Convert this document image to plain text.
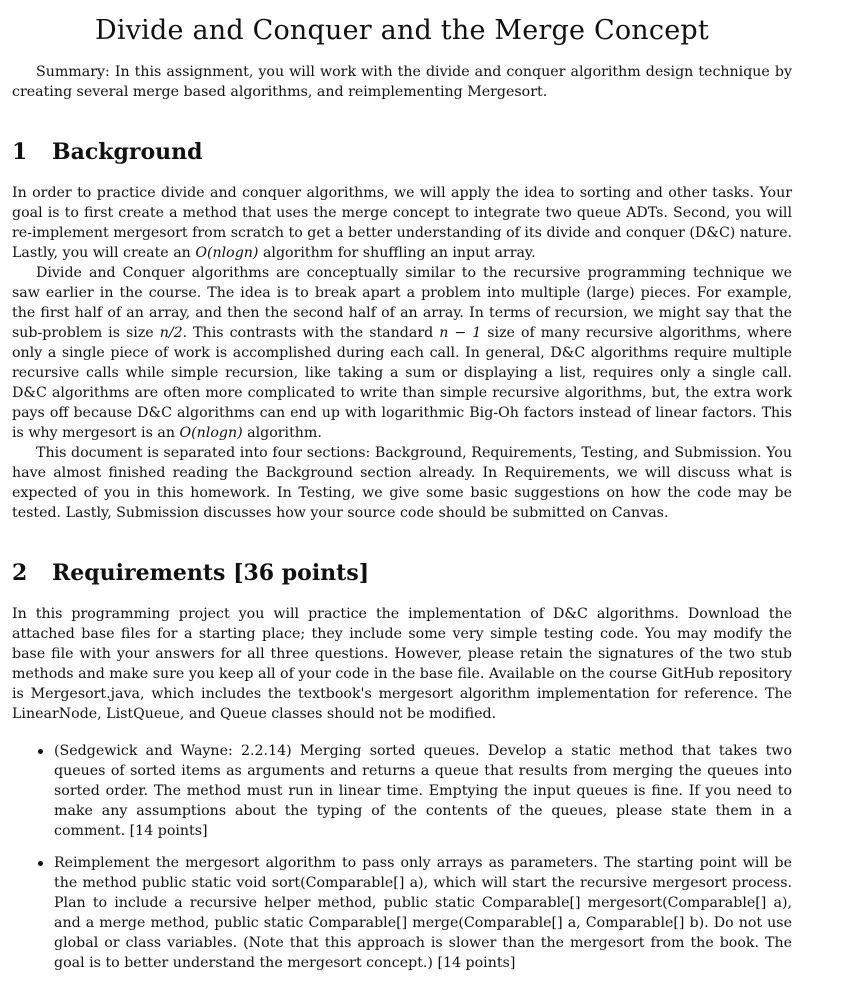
Divide and Conquer and the Merge Concept

Summary: In this assignment, you will work with the divide and conquer algorithm design technique by creating several merge based algorithms, and reimplementing Mergesort.

1 Background

In order to practice divide and conquer algorithms, we will apply the idea to sorting and other tasks. Your goal is to first create a method that uses the merge concept to integrate two queue ADTs. Second, you will re-implement mergesort from scratch to get a better understanding of its divide and conquer (D&C) nature. Lastly, you will create an O(nlogn) algorithm for shuffling an input array.

Divide and Conquer algorithms are conceptually similar to the recursive programming technique we saw earlier in the course. The idea is to break apart a problem into multiple (large) pieces. For example, the first half of an array, and then the second half of an array. In terms of recursion, we might say that the sub-problem is size n/2. This contrasts with the standard n − 1 size of many recursive algorithms, where only a single piece of work is accomplished during each call. In general, D&C algorithms require multiple recursive calls while simple recursion, like taking a sum or displaying a list, requires only a single call. D&C algorithms are often more complicated to write than simple recursive algorithms, but, the extra work pays off because D&C algorithms can end up with logarithmic Big-Oh factors instead of linear factors. This is why mergesort is an O(nlogn) algorithm.

This document is separated into four sections: Background, Requirements, Testing, and Submission. You have almost finished reading the Background section already. In Requirements, we will discuss what is expected of you in this homework. In Testing, we give some basic suggestions on how the code may be tested. Lastly, Submission discusses how your source code should be submitted on Canvas.

2 Requirements [36 points]

In this programming project you will practice the implementation of D&C algorithms. Download the attached base files for a starting place; they include some very simple testing code. You may modify the base file with your answers for all three questions. However, please retain the signatures of the two stub methods and make sure you keep all of your code in the base file. Available on the course GitHub repository is Mergesort.java, which includes the textbook's mergesort algorithm implementation for reference. The LinearNode, ListQueue, and Queue classes should not be modified.

(Sedgewick and Wayne: 2.2.14) Merging sorted queues. Develop a static method that takes two queues of sorted items as arguments and returns a queue that results from merging the queues into sorted order. The method must run in linear time. Emptying the input queues is fine. If you need to make any assumptions about the typing of the contents of the queues, please state them in a comment. [14 points]
Reimplement the mergesort algorithm to pass only arrays as parameters. The starting point will be the method public static void sort(Comparable[] a), which will start the recursive mergesort process. Plan to include a recursive helper method, public static Comparable[] mergesort(Comparable[] a), and a merge method, public static Comparable[] merge(Comparable[] a, Comparable[] b). Do not use global or class variables. (Note that this approach is slower than the mergesort from the book. The goal is to better understand the mergesort concept.) [14 points]
